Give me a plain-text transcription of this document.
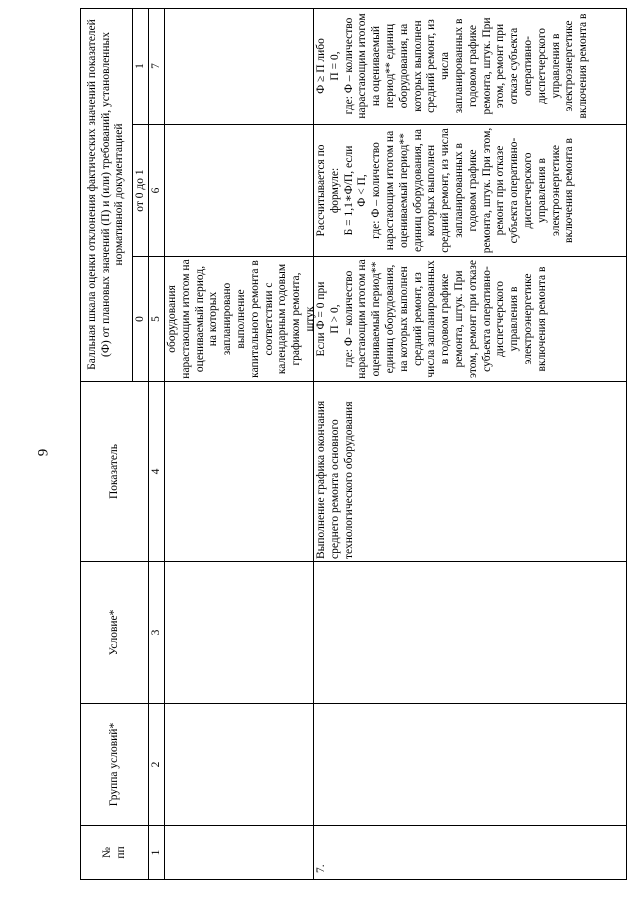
9
№
пп
Группа условий*
Условие*
Показатель
Балльная шкала оценки отклонения фактических значений показателей (Ф) от плановых значений (П) и (или) требований, установленных нормативной документацией
0
от 0 до 1
1
1
2
3
4
5
6
7
оборудования нарастающим итогом на оцениваемый период, на которых запланировано выполнение капитального ремонта в соответствии с календарным годовым графиком ремонта, штук
7.
Выполнение графика окончания среднего ремонта основного технологического оборудования
Если Ф = 0 при
П > 0,
где: Ф – количество нарастающим итогом на оцениваемый период** единиц оборудования, на которых выполнен средний ремонт, из числа запланированных в годовом графике ремонта, штук. При этом, ремонт при отказе субъекта оперативно-диспетчерского управления в электроэнергетике включения ремонта в
Рассчитывается по формуле:
Б = 1,1∗Ф/П, если
Ф < П,
где: Ф – количество нарастающим итогом на оцениваемый период** единиц оборудования, на которых выполнен средний ремонт, из числа запланированных в годовом графике ремонта, штук. При этом, ремонт при отказе субъекта оперативно-диспетчерского управления в электроэнергетике включения ремонта в
Ф ≥ П либо
П = 0,
где: Ф – количество нарастающим итогом на оцениваемый период** единиц оборудования, на которых выполнен средний ремонт, из числа запланированных в годовом графике ремонта, штук. При этом, ремонт при отказе субъекта оперативно-диспетчерского управления в электроэнергетике включения ремонта в
